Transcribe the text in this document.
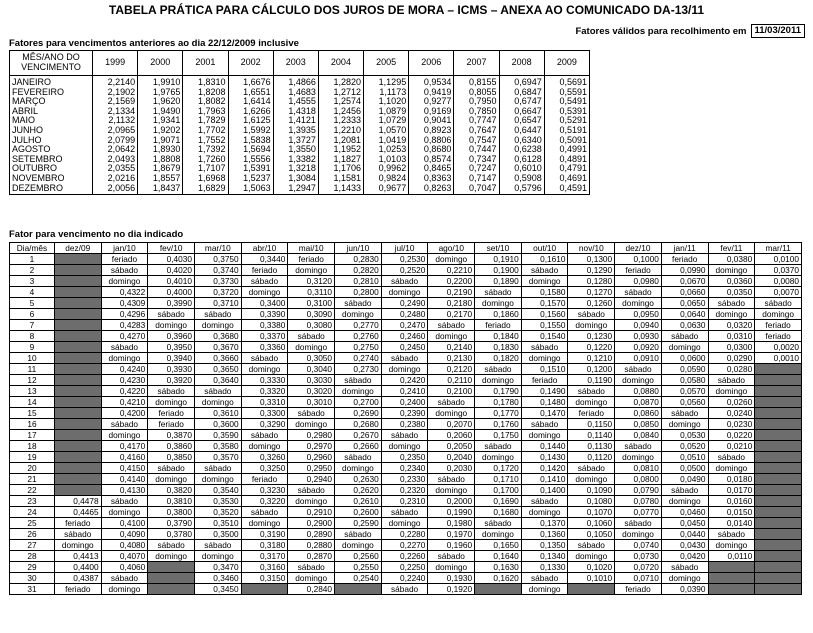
TABELA PRÁTICA PARA CÁLCULO DOS JUROS DE MORA – ICMS – ANEXA AO COMUNICADO DA-13/11
Fatores válidos para recolhimento em 11/03/2011
Fatores para vencimentos anteriores ao dia 22/12/2009 inclusive
MÊS/ANO DO VENCIMENTO	1999	2000	2001	2002	2003	2004	2005	2006	2007	2008	2009
JANEIRO	2,2140	1,9910	1,8310	1,6676	1,4866	1,2820	1,1295	0,9534	0,8155	0,6947	0,5691
FEVEREIRO	2,1902	1,9765	1,8208	1,6551	1,4683	1,2712	1,1173	0,9419	0,8055	0,6847	0,5591
MARÇO	2,1569	1,9620	1,8082	1,6414	1,4555	1,2574	1,1020	0,9277	0,7950	0,6747	0,5491
ABRIL	2,1334	1,9490	1,7963	1,6266	1,4318	1,2456	1,0879	0,9169	0,7850	0,6647	0,5391
MAIO	2,1132	1,9341	1,7829	1,6125	1,4121	1,2333	1,0729	0,9041	0,7747	0,6547	0,5291
JUNHO	2,0965	1,9202	1,7702	1,5992	1,3935	1,2210	1,0570	0,8923	0,7647	0,6447	0,5191
JULHO	2,0799	1,9071	1,7552	1,5838	1,3727	1,2081	1,0419	0,8806	0,7547	0,6340	0,5091
AGOSTO	2,0642	1,8930	1,7392	1,5694	1,3550	1,1952	1,0253	0,8680	0,7447	0,6238	0,4991
SETEMBRO	2,0493	1,8808	1,7260	1,5556	1,3382	1,1827	1,0103	0,8574	0,7347	0,6128	0,4891
OUTUBRO	2,0355	1,8679	1,7107	1,5391	1,3218	1,1706	0,9962	0,8465	0,7247	0,6010	0,4791
NOVEMBRO	2,0216	1,8557	1,6968	1,5237	1,3084	1,1581	0,9824	0,8363	0,7147	0,5908	0,4691
DEZEMBRO	2,0056	1,8437	1,6829	1,5063	1,2947	1,1433	0,9677	0,8263	0,7047	0,5796	0,4591
Fator para vencimento no dia indicado
Dia/mês	dez/09	jan/10	fev/10	mar/10	abr/10	mai/10	jun/10	jul/10	ago/10	set/10	out/10	nov/10	dez/10	jan/11	fev/11	mar/11
1		feriado	0,4030	0,3750	0,3440	feriado	0,2830	0,2530	domingo	0,1910	0,1610	0,1300	0,1000	feriado	0,0380	0,0100
2		sábado	0,4020	0,3740	feriado	domingo	0,2820	0,2520	0,2210	0,1900	sábado	0,1290	feriado	0,0990	domingo	0,0370
3		domingo	0,4010	0,3730	sábado	0,3120	0,2810	sábado	0,2200	0,1890	domingo	0,1280	0,0980	0,0670	0,0360	0,0080
4		0,4322	0,4000	0,3720	domingo	0,3110	0,2800	domingo	0,2190	sábado	0,1580	0,1270	sábado	0,0660	0,0350	0,0070
5		0,4309	0,3990	0,3710	0,3400	0,3100	sábado	0,2490	0,2180	domingo	0,1570	0,1260	domingo	0,0650	sábado	sábado
6		0,4296	sábado	sábado	0,3390	0,3090	domingo	0,2480	0,2170	0,1860	0,1560	sábado	0,0950	0,0640	domingo	domingo
7		0,4283	domingo	domingo	0,3380	0,3080	0,2770	0,2470	sábado	feriado	0,1550	domingo	0,0940	0,0630	0,0320	feriado
8		0,4270	0,3960	0,3680	0,3370	sábado	0,2760	0,2460	domingo	0,1840	0,1540	0,1230	0,0930	sábado	0,0310	feriado
9		sábado	0,3950	0,3670	0,3360	domingo	0,2750	0,2450	0,2140	0,1830	sábado	0,1220	0,0920	domingo	0,0300	0,0020
10		domingo	0,3940	0,3660	sábado	0,3050	0,2740	sábado	0,2130	0,1820	domingo	0,1210	0,0910	0,0600	0,0290	0,0010
11		0,4240	0,3930	0,3650	domingo	0,3040	0,2730	domingo	0,2120	sábado	0,1510	0,1200	sábado	0,0590	0,0280	
12		0,4230	0,3920	0,3640	0,3330	0,3030	sábado	0,2420	0,2110	domingo	feriado	0,1190	domingo	0,0580	sábado	
13		0,4220	sábado	sábado	0,3320	0,3020	domingo	0,2410	0,2100	0,1790	0,1490	sábado	0,0880	0,0570	domingo	
14		0,4210	domingo	domingo	0,3310	0,3010	0,2700	0,2400	sábado	0,1780	0,1480	domingo	0,0870	0,0560	0,0260	
15		0,4200	feriado	0,3610	0,3300	sábado	0,2690	0,2390	domingo	0,1770	0,1470	feriado	0,0860	sábado	0,0240	
16		sábado	feriado	0,3600	0,3290	domingo	0,2680	0,2380	0,2070	0,1760	sábado	0,1150	0,0850	domingo	0,0230	
17		domingo	0,3870	0,3590	sábado	0,2980	0,2670	sábado	0,2060	0,1750	domingo	0,1140	0,0840	0,0530	0,0220	
18		0,4170	0,3860	0,3580	domingo	0,2970	0,2660	domingo	0,2050	sábado	0,1440	0,1130	sábado	0,0520	0,0210	
19		0,4160	0,3850	0,3570	0,3260	0,2960	sábado	0,2350	0,2040	domingo	0,1430	0,1120	domingo	0,0510	sábado	
20		0,4150	sábado	sábado	0,3250	0,2950	domingo	0,2340	0,2030	0,1720	0,1420	sábado	0,0810	0,0500	domingo	
21		0,4140	domingo	domingo	feriado	0,2940	0,2630	0,2330	sábado	0,1710	0,1410	domingo	0,0800	0,0490	0,0180	
22		0,4130	0,3820	0,3540	0,3230	sábado	0,2620	0,2320	domingo	0,1700	0,1400	0,1090	0,0790	sábado	0,0170	
23	0,4478	sábado	0,3810	0,3530	0,3220	domingo	0,2610	0,2310	0,2000	0,1690	sábado	0,1080	0,0780	domingo	0,0160	
24	0,4465	domingo	0,3800	0,3520	sábado	0,2910	0,2600	sábado	0,1990	0,1680	domingo	0,1070	0,0770	0,0460	0,0150	
25	feriado	0,4100	0,3790	0,3510	domingo	0,2900	0,2590	domingo	0,1980	sábado	0,1370	0,1060	sábado	0,0450	0,0140	
26	sábado	0,4090	0,3780	0,3500	0,3190	0,2890	sábado	0,2280	0,1970	domingo	0,1360	0,1050	domingo	0,0440	sábado	
27	domingo	0,4080	sábado	sábado	0,3180	0,2880	domingo	0,2270	0,1960	0,1650	0,1350	sábado	0,0740	0,0430	domingo	
28	0,4413	0,4070	domingo	domingo	0,3170	0,2870	0,2560	0,2260	sábado	0,1640	0,1340	domingo	0,0730	0,0420	0,0110	
29	0,4400	0,4060		0,3470	0,3160	sábado	0,2550	0,2250	domingo	0,1630	0,1330	0,1020	0,0720	sábado		
30	0,4387	sábado		0,3460	0,3150	domingo	0,2540	0,2240	0,1930	0,1620	sábado	0,1010	0,0710	domingo		
31	feriado	domingo		0,3450		0,2840		sábado	0,1920		domingo		feriado	0,0390		
